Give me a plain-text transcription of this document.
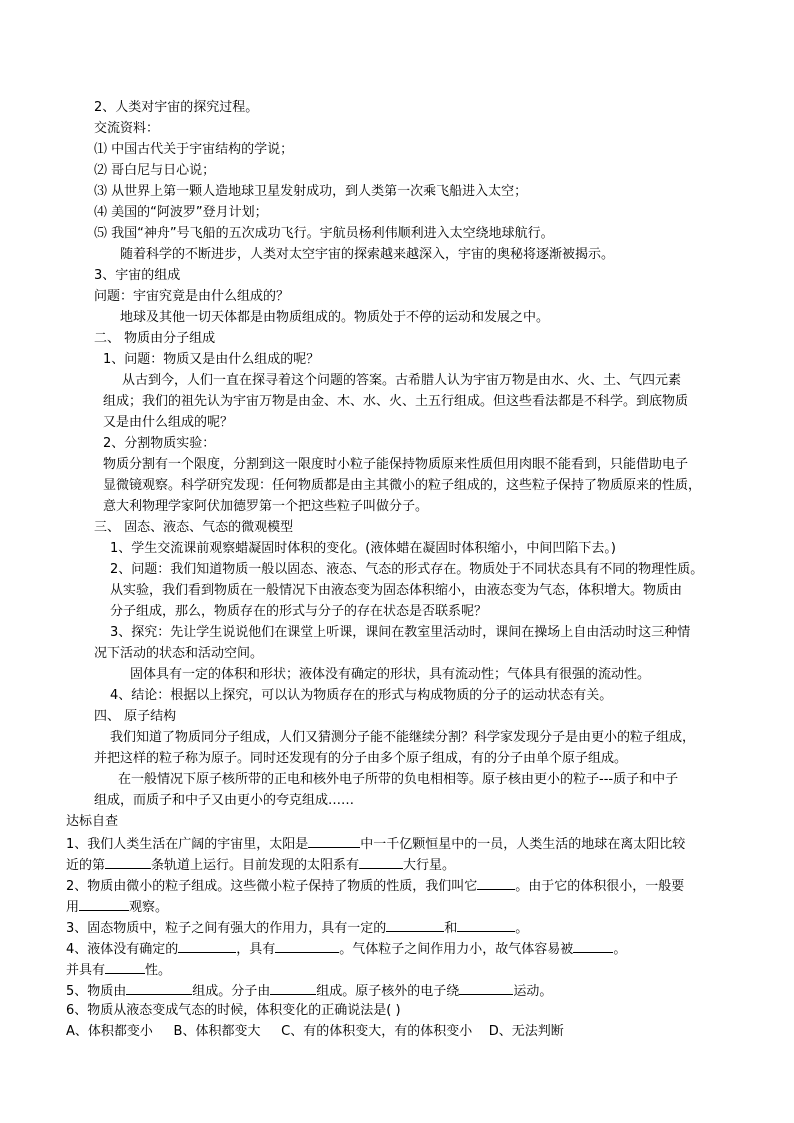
2、人类对宇宙的探究过程。
交流资料：
⑴ 中国古代关于宇宙结构的学说；
⑵ 哥白尼与日心说；
⑶ 从世界上第一颗人造地球卫星发射成功，到人类第一次乘飞船进入太空；
⑷ 美国的“阿波罗”登月计划；
⑸ 我国“神舟”号飞船的五次成功飞行。宇航员杨利伟顺利进入太空绕地球航行。
随着科学的不断进步，人类对太空宇宙的探索越来越深入，宇宙的奥秘将逐渐被揭示。
3、宇宙的组成
问题：宇宙究竟是由什么组成的？
地球及其他一切天体都是由物质组成的。物质处于不停的运动和发展之中。
二、 物质由分子组成
1、问题：物质又是由什么组成的呢？
从古到今，人们一直在探寻着这个问题的答案。古希腊人认为宇宙万物是由水、火、土、气四元素
组成；我们的祖先认为宇宙万物是由金、木、水、火、土五行组成。但这些看法都是不科学。到底物质
又是由什么组成的呢？
2、分割物质实验：
物质分割有一个限度，分割到这一限度时小粒子能保持物质原来性质但用肉眼不能看到，只能借助电子
显微镜观察。科学研究发现：任何物质都是由主其微小的粒子组成的，这些粒子保持了物质原来的性质，
意大利物理学家阿伏加德罗第一个把这些粒子叫做分子。
三、 固态、液态、气态的微观模型
1、学生交流课前观察蜡凝固时体积的变化。(液体蜡在凝固时体积缩小，中间凹陷下去。)
2、问题：我们知道物质一般以固态、液态、气态的形式存在。物质处于不同状态具有不同的物理性质。
从实验，我们看到物质在一般情况下由液态变为固态体积缩小，由液态变为气态，体积增大。物质由
分子组成，那么，物质存在的形式与分子的存在状态是否联系呢？
3、探究：先让学生说说他们在课堂上听课，课间在教室里活动时，课间在操场上自由活动时这三种情
况下活动的状态和活动空间。
固体具有一定的体积和形状；液体没有确定的形状，具有流动性；气体具有很强的流动性。
4、结论：根据以上探究，可以认为物质存在的形式与构成物质的分子的运动状态有关。
四、 原子结构
我们知道了物质同分子组成，人们又猜测分子能不能继续分割？科学家发现分子是由更小的粒子组成，
并把这样的粒子称为原子。同时还发现有的分子由多个原子组成，有的分子由单个原子组成。
在一般情况下原子核所带的正电和核外电子所带的负电相相等。原子核由更小的粒子---质子和中子
组成，而质子和中子又由更小的夸克组成……
达标自查
1、我们人类生活在广阔的宇宙里，太阳是	中一千亿颗恒星中的一员，人类生活的地球在离太阳比较
近的第	条轨道上运行。目前发现的太阳系有	大行星。
2、物质由微小的粒子组成。这些微小粒子保持了物质的性质，我们叫它	。由于它的体积很小，一般要
用	观察。
3、固态物质中，粒子之间有强大的作用力，具有一定的	和	。
4、液体没有确定的	，具有	。气体粒子之间作用力小，故气体容易被	。
并具有	性。
5、物质由	组成。分子由	组成。原子核外的电子绕	运动。
6、物质从液态变成气态的时候，体积变化的正确说法是( )
A、体积都变小     B、体积都变大     C、有的体积变大，有的体积变小    D、无法判断
